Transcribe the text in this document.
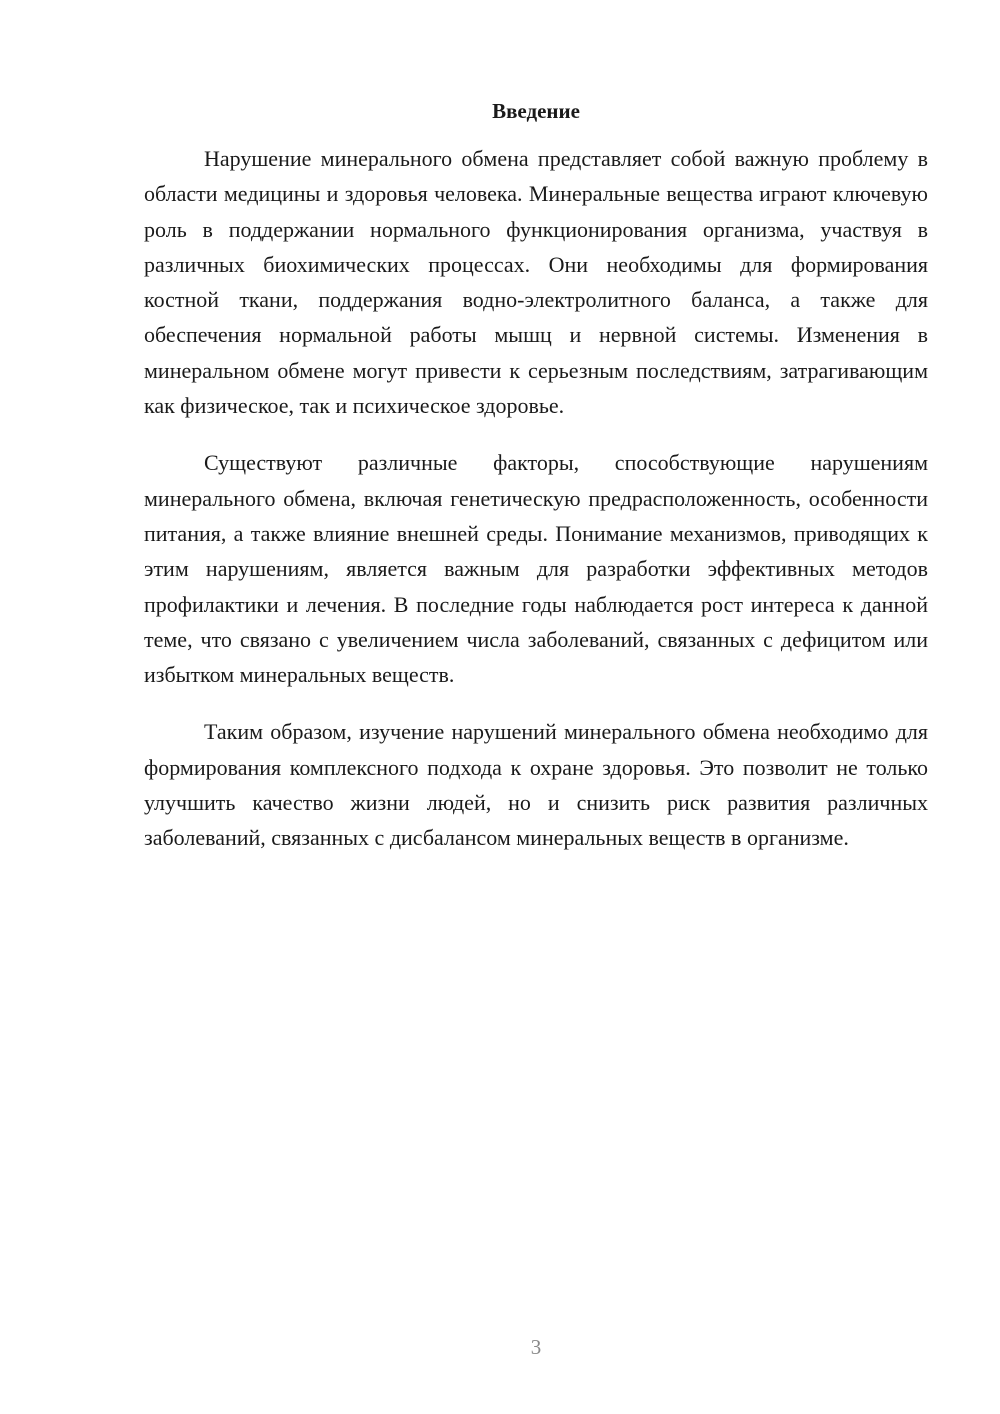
Введение

Нарушение минерального обмена представляет собой важную проблему в области медицины и здоровья человека. Минеральные вещества играют ключевую роль в поддержании нормального функционирования организма, участвуя в различных биохимических процессах. Они необходимы для формирования костной ткани, поддержания водно-электролитного баланса, а также для обеспечения нормальной работы мышц и нервной системы. Изменения в минеральном обмене могут привести к серьезным последствиям, затрагивающим как физическое, так и психическое здоровье.

Существуют различные факторы, способствующие нарушениям минерального обмена, включая генетическую предрасположенность, особенности питания, а также влияние внешней среды. Понимание механизмов, приводящих к этим нарушениям, является важным для разработки эффективных методов профилактики и лечения. В последние годы наблюдается рост интереса к данной теме, что связано с увеличением числа заболеваний, связанных с дефицитом или избытком минеральных веществ.

Таким образом, изучение нарушений минерального обмена необходимо для формирования комплексного подхода к охране здоровья. Это позволит не только улучшить качество жизни людей, но и снизить риск развития различных заболеваний, связанных с дисбалансом минеральных веществ в организме.

3
